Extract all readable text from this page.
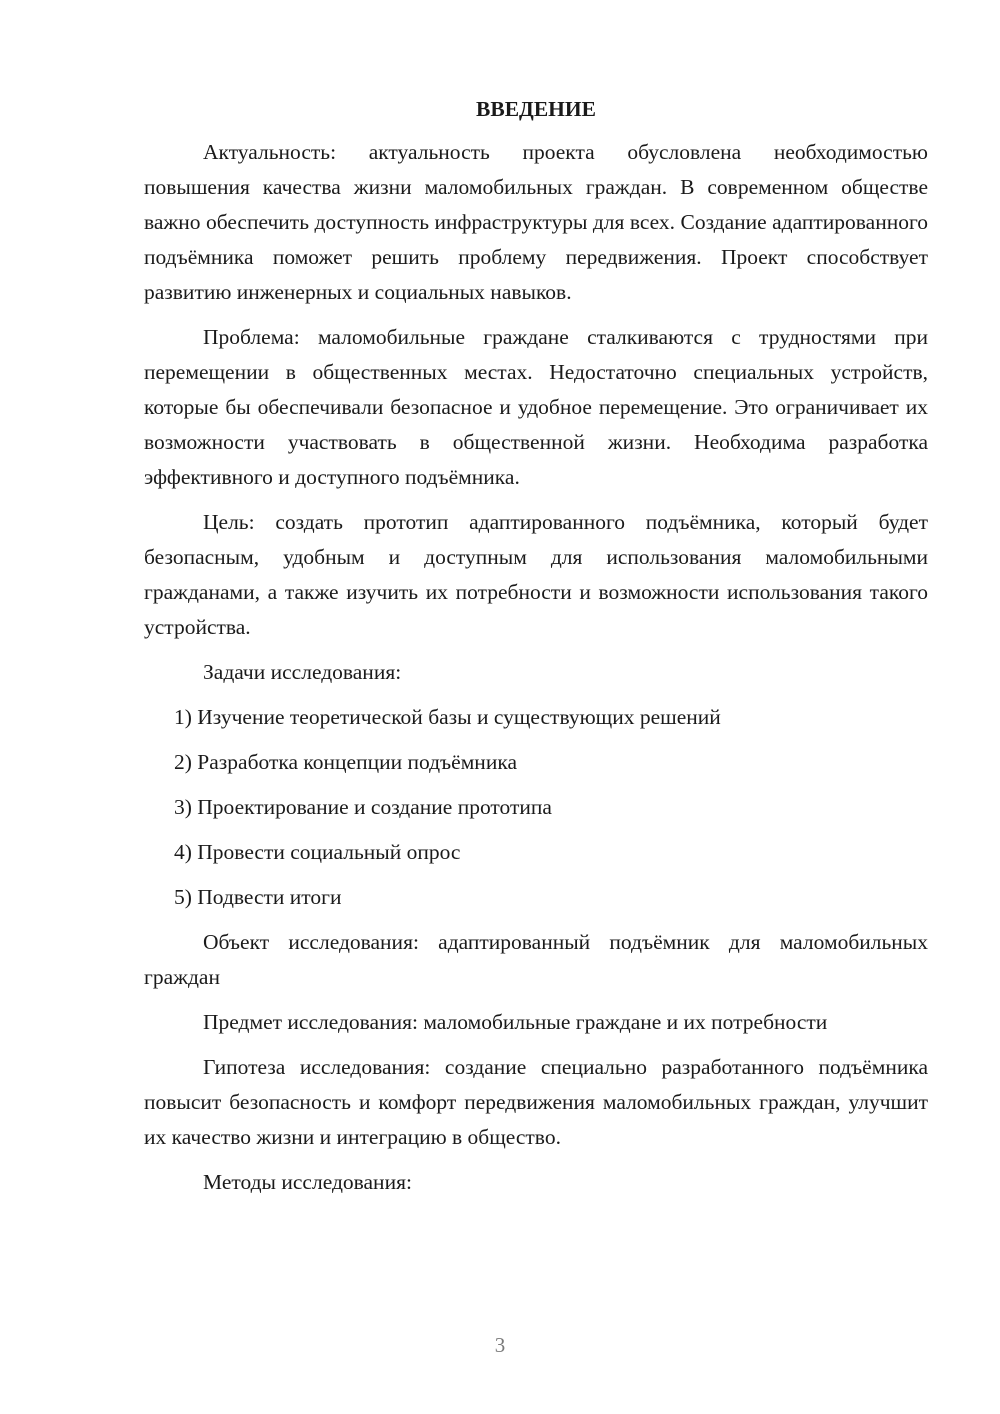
ВВЕДЕНИЕ

Актуальность: актуальность проекта обусловлена необходимостью повышения качества жизни маломобильных граждан. В современном обществе важно обеспечить доступность инфраструктуры для всех. Создание адаптированного подъёмника поможет решить проблему передвижения. Проект способствует развитию инженерных и социальных навыков.

Проблема: маломобильные граждане сталкиваются с трудностями при перемещении в общественных местах. Недостаточно специальных устройств, которые бы обеспечивали безопасное и удобное перемещение. Это ограничивает их возможности участвовать в общественной жизни. Необходима разработка эффективного и доступного подъёмника.

Цель: создать прототип адаптированного подъёмника, который будет безопасным, удобным и доступным для использования маломобильными гражданами, а также изучить их потребности и возможности использования такого устройства.

Задачи исследования:

1) Изучение теоретической базы и существующих решений
2) Разработка концепции подъёмника
3) Проектирование и создание прототипа
4) Провести социальный опрос
5) Подвести итоги

Объект исследования: адаптированный подъёмник для маломобильных граждан

Предмет исследования: маломобильные граждане и их потребности

Гипотеза исследования: создание специально разработанного подъёмника повысит безопасность и комфорт передвижения маломобильных граждан, улучшит их качество жизни и интеграцию в общество.

Методы исследования:

3
